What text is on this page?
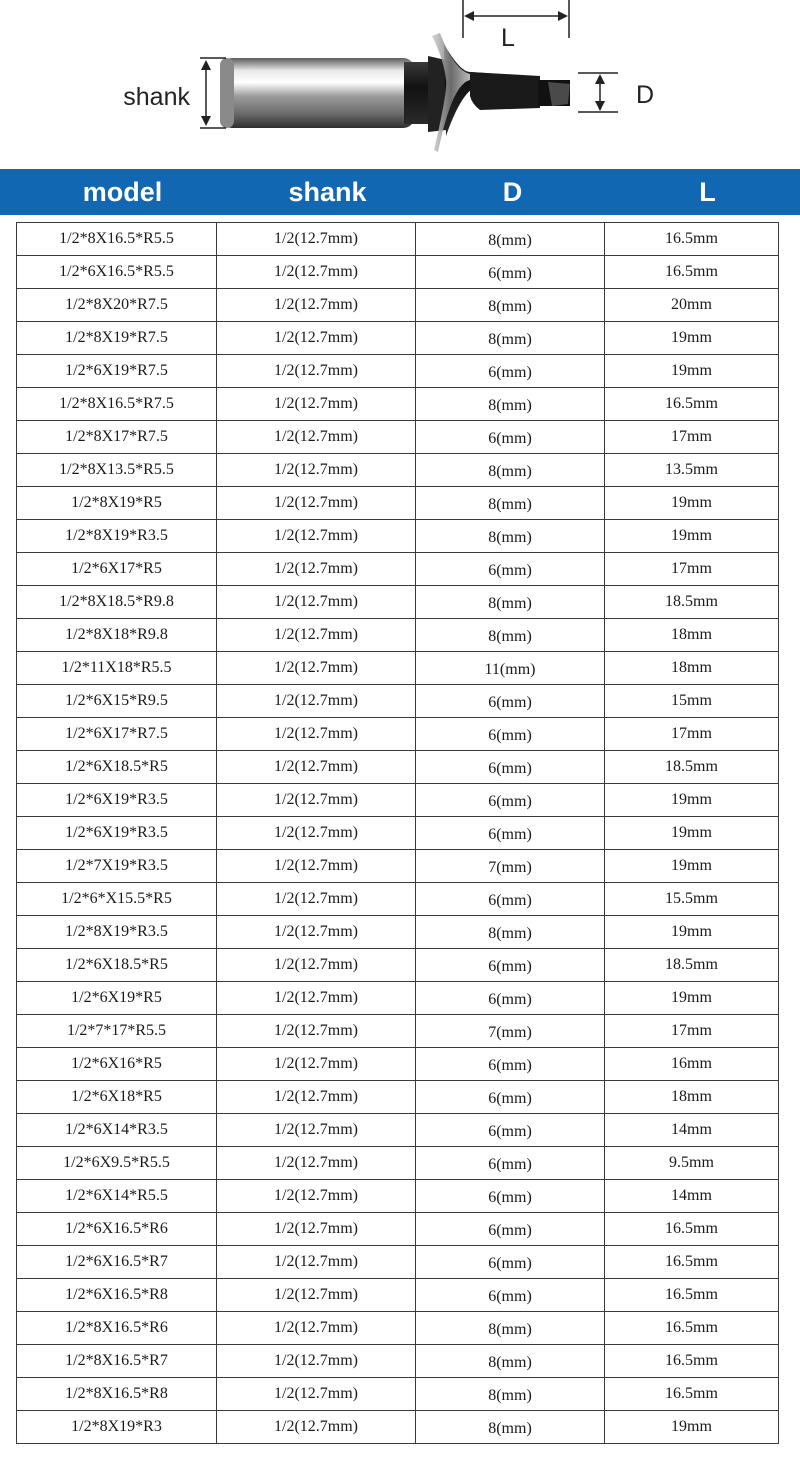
shank
L
D
model	shank	D	L
1/2*8X16.5*R5.5	1/2(12.7mm)	8(mm)	16.5mm
1/2*6X16.5*R5.5	1/2(12.7mm)	6(mm)	16.5mm
1/2*8X20*R7.5	1/2(12.7mm)	8(mm)	20mm
1/2*8X19*R7.5	1/2(12.7mm)	8(mm)	19mm
1/2*6X19*R7.5	1/2(12.7mm)	6(mm)	19mm
1/2*8X16.5*R7.5	1/2(12.7mm)	8(mm)	16.5mm
1/2*8X17*R7.5	1/2(12.7mm)	6(mm)	17mm
1/2*8X13.5*R5.5	1/2(12.7mm)	8(mm)	13.5mm
1/2*8X19*R5	1/2(12.7mm)	8(mm)	19mm
1/2*8X19*R3.5	1/2(12.7mm)	8(mm)	19mm
1/2*6X17*R5	1/2(12.7mm)	6(mm)	17mm
1/2*8X18.5*R9.8	1/2(12.7mm)	8(mm)	18.5mm
1/2*8X18*R9.8	1/2(12.7mm)	8(mm)	18mm
1/2*11X18*R5.5	1/2(12.7mm)	11(mm)	18mm
1/2*6X15*R9.5	1/2(12.7mm)	6(mm)	15mm
1/2*6X17*R7.5	1/2(12.7mm)	6(mm)	17mm
1/2*6X18.5*R5	1/2(12.7mm)	6(mm)	18.5mm
1/2*6X19*R3.5	1/2(12.7mm)	6(mm)	19mm
1/2*6X19*R3.5	1/2(12.7mm)	6(mm)	19mm
1/2*7X19*R3.5	1/2(12.7mm)	7(mm)	19mm
1/2*6*X15.5*R5	1/2(12.7mm)	6(mm)	15.5mm
1/2*8X19*R3.5	1/2(12.7mm)	8(mm)	19mm
1/2*6X18.5*R5	1/2(12.7mm)	6(mm)	18.5mm
1/2*6X19*R5	1/2(12.7mm)	6(mm)	19mm
1/2*7*17*R5.5	1/2(12.7mm)	7(mm)	17mm
1/2*6X16*R5	1/2(12.7mm)	6(mm)	16mm
1/2*6X18*R5	1/2(12.7mm)	6(mm)	18mm
1/2*6X14*R3.5	1/2(12.7mm)	6(mm)	14mm
1/2*6X9.5*R5.5	1/2(12.7mm)	6(mm)	9.5mm
1/2*6X14*R5.5	1/2(12.7mm)	6(mm)	14mm
1/2*6X16.5*R6	1/2(12.7mm)	6(mm)	16.5mm
1/2*6X16.5*R7	1/2(12.7mm)	6(mm)	16.5mm
1/2*6X16.5*R8	1/2(12.7mm)	6(mm)	16.5mm
1/2*8X16.5*R6	1/2(12.7mm)	8(mm)	16.5mm
1/2*8X16.5*R7	1/2(12.7mm)	8(mm)	16.5mm
1/2*8X16.5*R8	1/2(12.7mm)	8(mm)	16.5mm
1/2*8X19*R3	1/2(12.7mm)	8(mm)	19mm
